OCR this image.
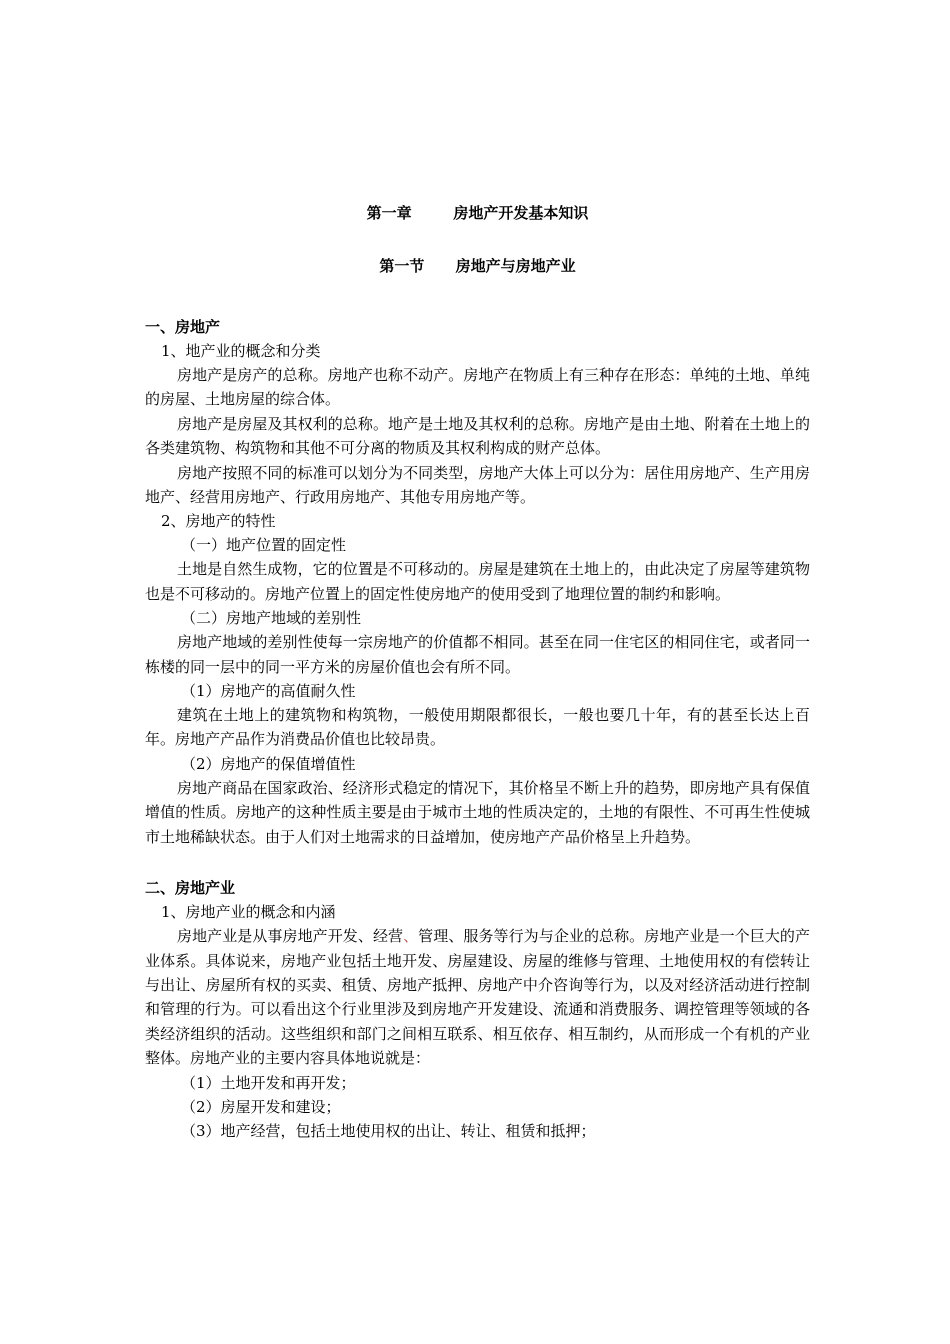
第一章        房地产开发基本知识

第一节      房地产与房地产业

一、房地产

1、地产业的概念和分类

房地产是房产的总称。房地产也称不动产。房地产在物质上有三种存在形态：单纯的土地、单纯的房屋、土地房屋的综合体。

房地产是房屋及其权利的总称。地产是土地及其权利的总称。房地产是由土地、附着在土地上的各类建筑物、构筑物和其他不可分离的物质及其权利构成的财产总体。

房地产按照不同的标准可以划分为不同类型，房地产大体上可以分为：居住用房地产、生产用房地产、经营用房地产、行政用房地产、其他专用房地产等。

2、房地产的特性

（一）地产位置的固定性

土地是自然生成物，它的位置是不可移动的。房屋是建筑在土地上的，由此决定了房屋等建筑物也是不可移动的。房地产位置上的固定性使房地产的使用受到了地理位置的制约和影响。

（二）房地产地域的差别性

房地产地域的差别性使每一宗房地产的价值都不相同。甚至在同一住宅区的相同住宅，或者同一栋楼的同一层中的同一平方米的房屋价值也会有所不同。

（1）房地产的高值耐久性

建筑在土地上的建筑物和构筑物，一般使用期限都很长，一般也要几十年，有的甚至长达上百年。房地产产品作为消费品价值也比较昂贵。

（2）房地产的保值增值性

房地产商品在国家政治、经济形式稳定的情况下，其价格呈不断上升的趋势，即房地产具有保值增值的性质。房地产的这种性质主要是由于城市土地的性质决定的，土地的有限性、不可再生性使城市土地稀缺状态。由于人们对土地需求的日益增加，使房地产产品价格呈上升趋势。

二、房地产业

1、房地产业的概念和内涵

房地产业是从事房地产开发、经营、管理、服务等行为与企业的总称。房地产业是一个巨大的产业体系。具体说来，房地产业包括土地开发、房屋建设、房屋的维修与管理、土地使用权的有偿转让与出让、房屋所有权的买卖、租赁、房地产抵押、房地产中介咨询等行为，以及对经济活动进行控制和管理的行为。可以看出这个行业里涉及到房地产开发建设、流通和消费服务、调控管理等领域的各类经济组织的活动。这些组织和部门之间相互联系、相互依存、相互制约，从而形成一个有机的产业整体。房地产业的主要内容具体地说就是：

（1）土地开发和再开发；

（2）房屋开发和建设；

（3）地产经营，包括土地使用权的出让、转让、租赁和抵押；
